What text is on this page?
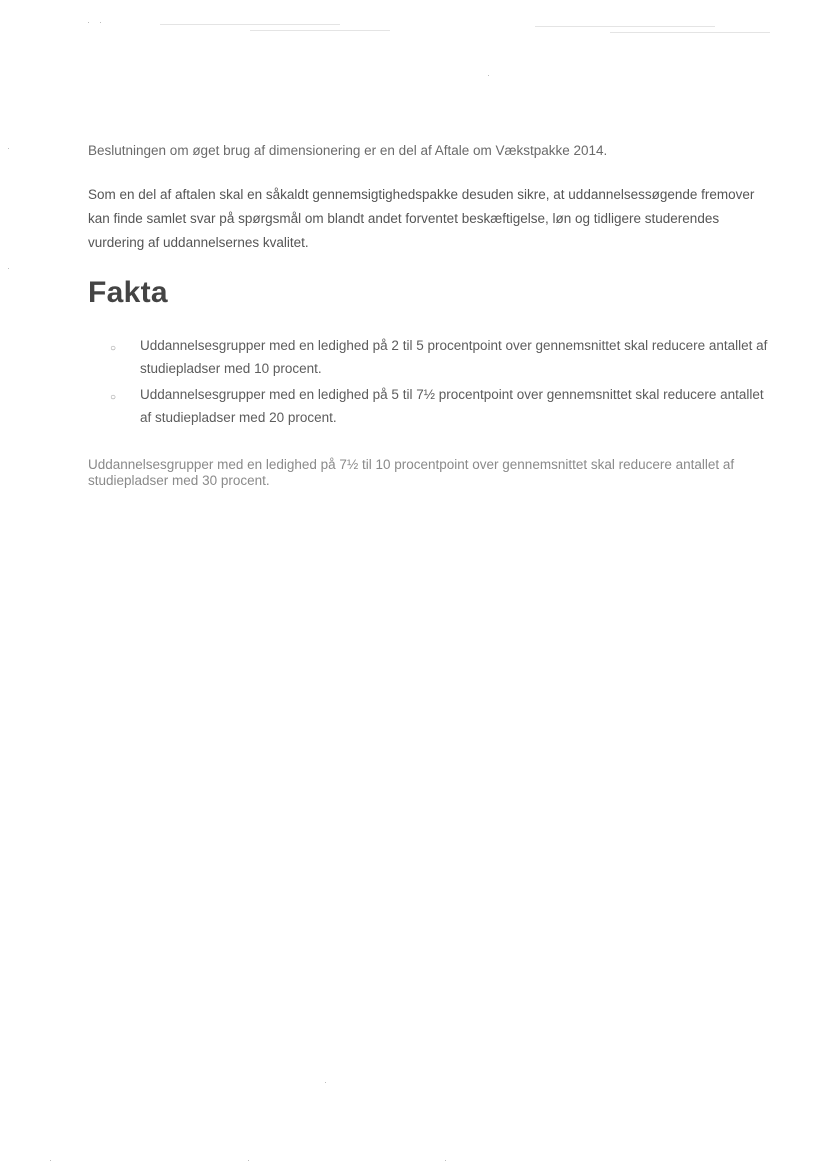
Beslutningen om øget brug af dimensionering er en del af Aftale om Vækstpakke 2014.

Som en del af aftalen skal en såkaldt gennemsigtighedspakke desuden sikre, at uddannelsessøgende fremover kan finde samlet svar på spørgsmål om blandt andet forventet beskæftigelse, løn og tidligere studerendes vurdering af uddannelsernes kvalitet.

Fakta
○ Uddannelsesgrupper med en ledighed på 2 til 5 procentpoint over gennemsnittet skal reducere antallet af studiepladser med 10 procent.
○ Uddannelsesgrupper med en ledighed på 5 til 7½ procentpoint over gennemsnittet skal reducere antallet af studiepladser med 20 procent.

Uddannelsesgrupper med en ledighed på 7½ til 10 procentpoint over gennemsnittet skal reducere antallet af studiepladser med 30 procent.
